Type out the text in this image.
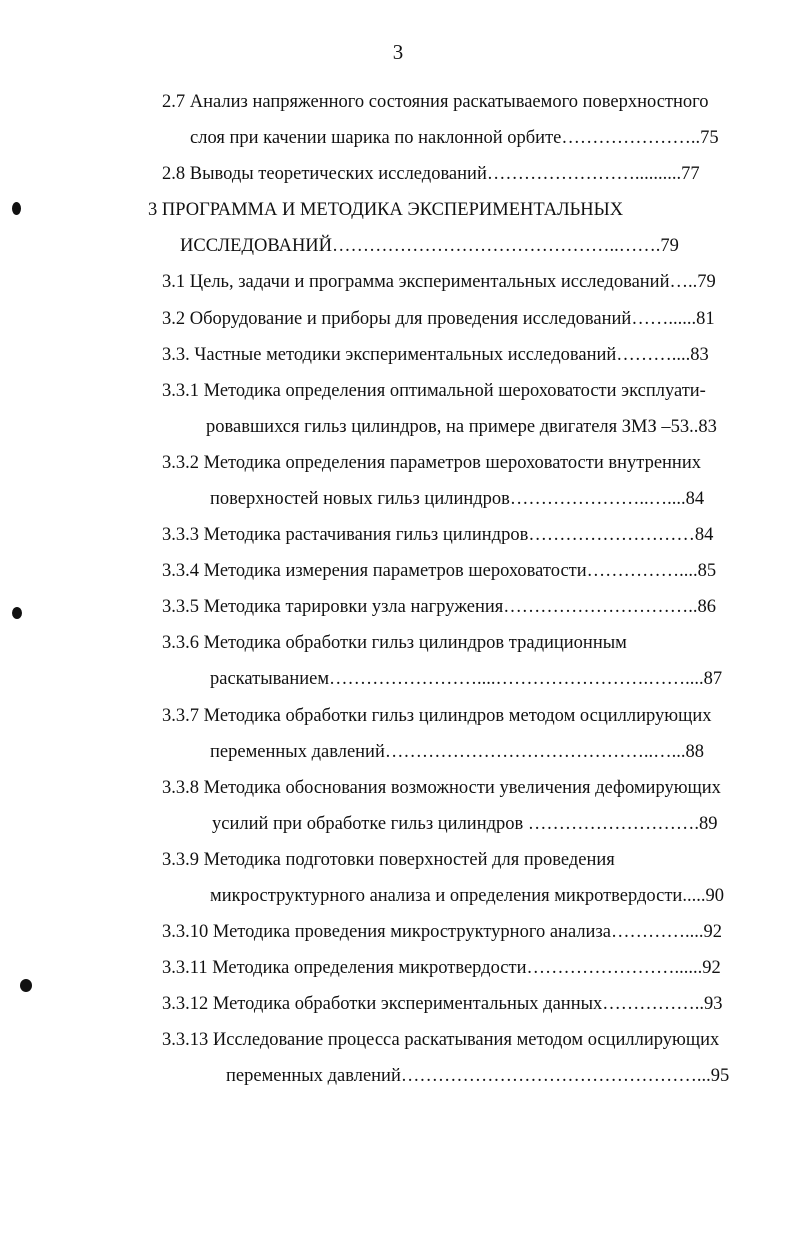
3
2.7 Анализ напряженного состояния раскатываемого поверхностного
слоя при качении шарика по наклонной орбите…………………..75
2.8 Выводы теоретических исследований……………………..........77
3 ПРОГРАММА И МЕТОДИКА ЭКСПЕРИМЕНТАЛЬНЫХ
ИССЛЕДОВАНИЙ………………………………………..…….79
3.1 Цель, задачи и программа экспериментальных исследований…..79
3.2 Оборудование и приборы для проведения исследований……......81
3.3. Частные методики экспериментальных исследований………....83
3.3.1 Методика определения оптимальной шероховатости эксплуати-
ровавшихся гильз цилиндров, на примере двигателя ЗМЗ –53..83
3.3.2 Методика определения параметров шероховатости внутренних
поверхностей новых гильз цилиндров…………………..…....84
3.3.3 Методика растачивания гильз цилиндров………………………84
3.3.4 Методика измерения параметров шероховатости……………....85
3.3.5 Методика тарировки узла нагружения…………………………..86
3.3.6 Методика обработки гильз цилиндров традиционным
раскатыванием……………………....…………………….……....87
3.3.7 Методика обработки гильз цилиндров методом осциллирующих
переменных давлений……………………………………..…...88
3.3.8 Методика обоснования возможности увеличения дефомирующих
усилий при обработке гильз цилиндров ……………………….89
3.3.9 Методика подготовки поверхностей для проведения
микроструктурного анализа и определения микротвердости.....90
3.3.10 Методика проведения микроструктурного анализа…………....92
3.3.11 Методика определения микротвердости……………………......92
3.3.12 Методика обработки экспериментальных данных……………..93
3.3.13 Исследование процесса раскатывания методом осциллирующих
переменных давлений…………………………………………...95
